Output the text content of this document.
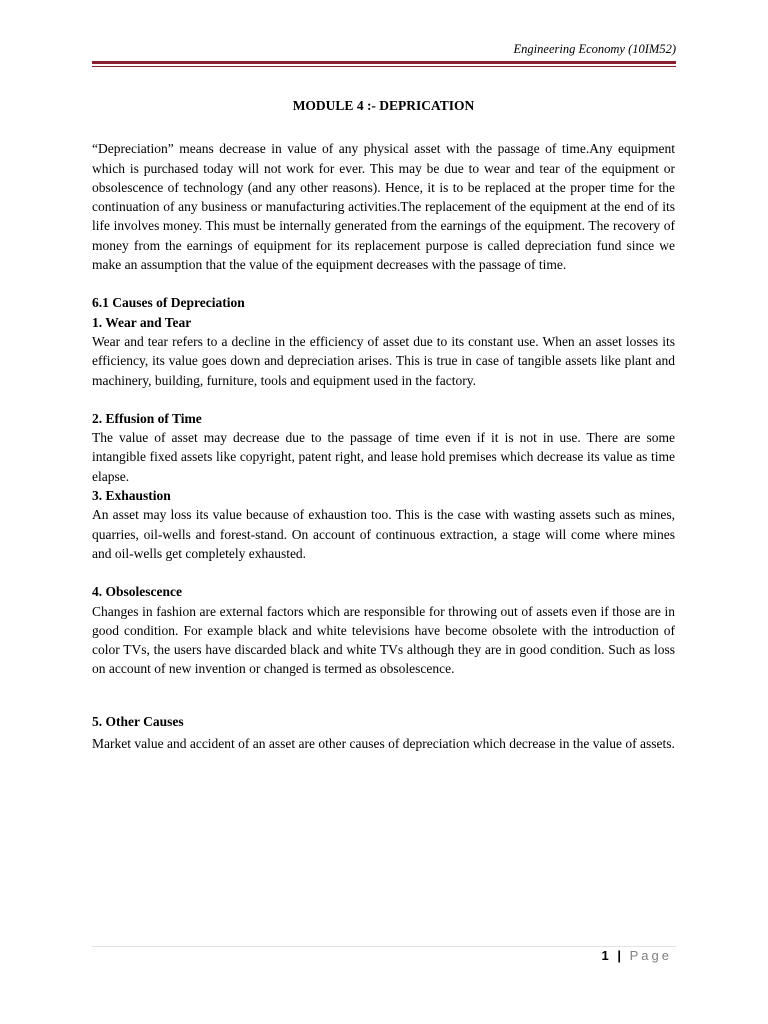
Engineering Economy (10IM52)
MODULE 4 :- DEPRICATION

“Depreciation” means decrease in value of any physical asset with the passage of time.Any equipment which is purchased today will not work for ever. This may be due to wear and tear of the equipment or obsolescence of technology (and any other reasons). Hence, it is to be replaced at the proper time for the continuation of any business or manufacturing activities.The replacement of the equipment at the end of its life involves money. This must be internally generated from the earnings of the equipment. The recovery of money from the earnings of equipment for its replacement purpose is called depreciation fund since we make an assumption that the value of the equipment decreases with the passage of time.

6.1 Causes of Depreciation
1. Wear and Tear

Wear and tear refers to a decline in the efficiency of asset due to its constant use. When an asset losses its efficiency, its value goes down and depreciation arises. This is true in case of tangible assets like plant and machinery, building, furniture, tools and equipment used in the factory.

2. Effusion of Time

The value of asset may decrease due to the passage of time even if it is not in use. There are some intangible fixed assets like copyright, patent right, and lease hold premises which decrease its value as time elapse.

3. Exhaustion

An asset may loss its value because of exhaustion too. This is the case with wasting assets such as mines, quarries, oil-wells and forest-stand. On account of continuous extraction, a stage will come where mines and oil-wells get completely exhausted.

4. Obsolescence

Changes in fashion are external factors which are responsible for throwing out of assets even if those are in good condition. For example black and white televisions have become obsolete with the introduction of color TVs, the users have discarded black and white TVs although they are in good condition. Such as loss on account of new invention or changed is termed as obsolescence.

5. Other Causes

Market value and accident of an asset are other causes of depreciation which decrease in the value of assets.

1 | Page
